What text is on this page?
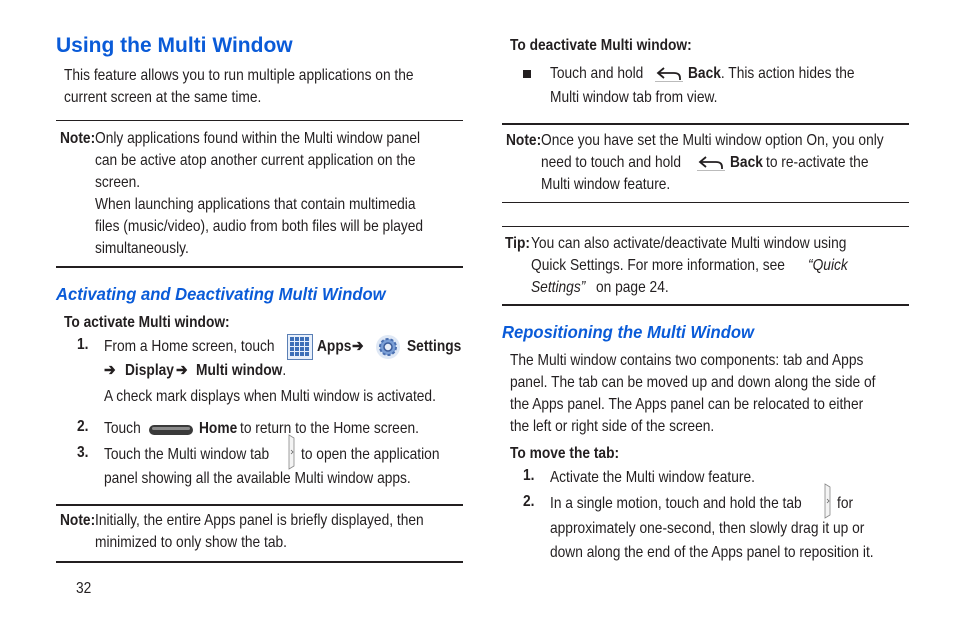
Using the Multi Window
This feature allows you to run multiple applications on the
current screen at the same time.
Note: Only applications found within the Multi window panel
can be active atop another current application on the
screen.
When launching applications that contain multimedia
files (music/video), audio from both files will be played
simultaneously.
Activating and Deactivating Multi Window
To activate Multi window:
1. From a Home screen, touch	Apps ➔	Settings
➔ Display ➔ Multi window.
A check mark displays when Multi window is activated.
2. Touch	Home to return to the Home screen.
3. Touch the Multi window tab to open the application
panel showing all the available Multi window apps.
Note: Initially, the entire Apps panel is briefly displayed, then
minimized to only show the tab.
32
To deactivate Multi window:
Touch and hold	Back. This action hides the
Multi window tab from view.
Note: Once you have set the Multi window option On, you only
need to touch and hold	Back to re-activate the
Multi window feature.
Tip: You can also activate/deactivate Multi window using
Quick Settings. For more information, see “Quick
Settings” on page 24.
Repositioning the Multi Window
The Multi window contains two components: tab and Apps
panel. The tab can be moved up and down along the side of
the Apps panel. The Apps panel can be relocated to either
the left or right side of the screen.
To move the tab:
1. Activate the Multi window feature.
2. In a single motion, touch and hold the tab for
approximately one-second, then slowly drag it up or
down along the end of the Apps panel to reposition it.
